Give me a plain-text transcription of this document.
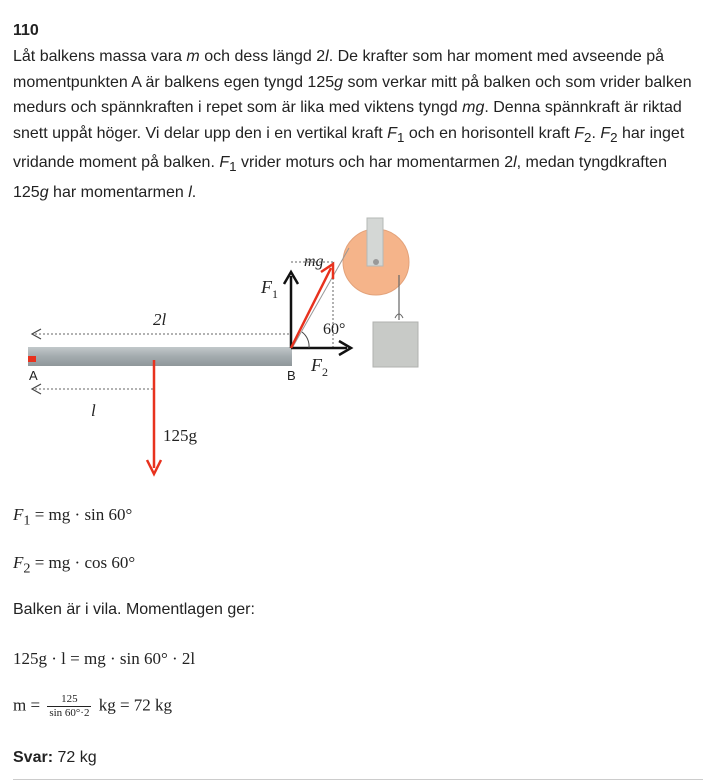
110

Låt balkens massa vara m och dess längd 2l. De krafter som har moment med avseende på momentpunkten A är balkens egen tyngd 125g som verkar mitt på balken och som vrider balken medurs och spännkraften i repet som är lika med viktens tyngd mg. Denna spännkraft är riktad snett uppåt höger. Vi delar upp den i en vertikal kraft $F_1$ och en horisontell kraft $F_2$. $F_2$ har inget vridande moment på balken. $F_1$ vrider moturs och har momentarmen 2l, medan tyngdkraften 125g har momentarmen l.

A	B
2l
l
125g
mg
$F_1$
$F_2$
60°
$F_1$ = mg · sin 60°
$F_2$ = mg · cos 60°
Balken är i vila. Momentlagen ger:
125g · l = mg · sin 60° · 2l
$m = \frac{125}{\sin 60^\circ\cdot 2}$ kg = 72 kg
Svar: 72 kg
